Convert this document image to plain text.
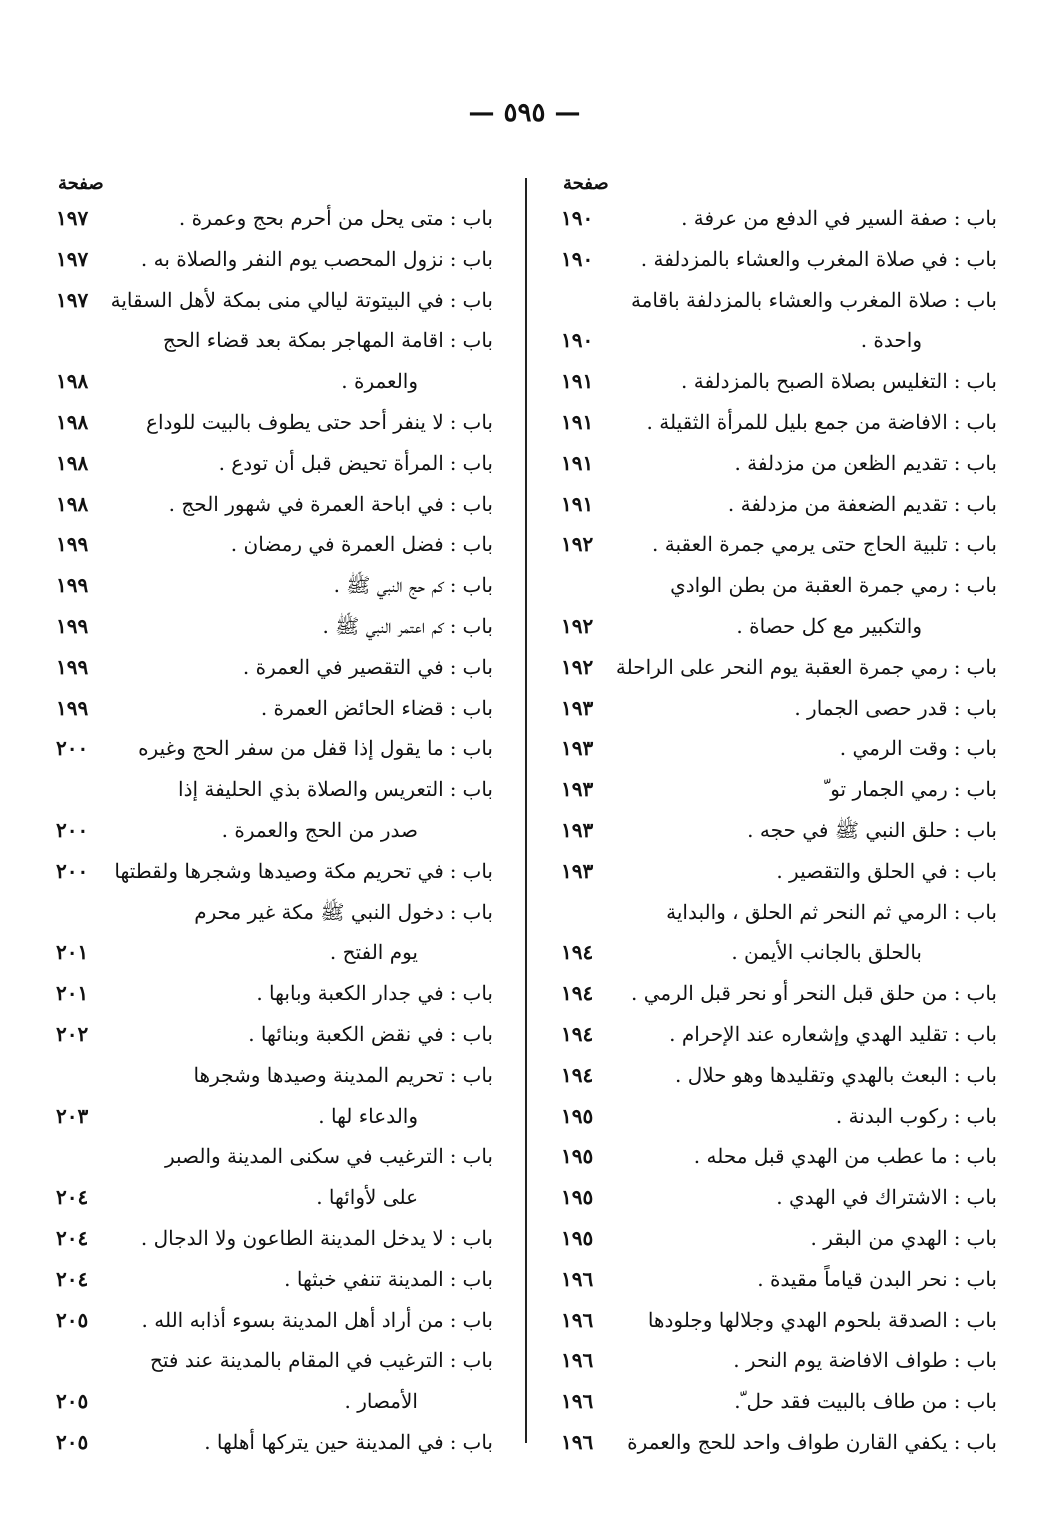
— ٥٩٥ —
صفحة
باب:صفة السير في الدفع من عرفة .
١٩٠
باب:في صلاة المغرب والعشاء بالمزدلفة .
١٩٠
باب:صلاة المغرب والعشاء بالمزدلفة باقامة
واحدة .
١٩٠
باب:التغليس بصلاة الصبح بالمزدلفة .
١٩١
باب:الافاضة من جمع بليل للمرأة الثقيلة .
١٩١
باب:تقديم الظعن من مزدلفة .
١٩١
باب:تقديم الضعفة من مزدلفة .
١٩١
باب:تلبية الحاج حتى يرمي جمرة العقبة .
١٩٢
باب:رمي جمرة العقبة من بطن الوادي
والتكبير مع كل حصاة .
١٩٢
باب:رمي جمرة العقبة يوم النحر على الراحلة
١٩٢
باب:قدر حصى الجمار .
١٩٣
باب:وقت الرمي .
١٩٣
باب:رمي الجمار تو ّ
١٩٣
باب:حلق النبي ﷺ في حجه .
١٩٣
باب:في الحلق والتقصير .
١٩٣
باب:الرمي ثم النحر ثم الحلق ، والبداية
بالحلق بالجانب الأيمن .
١٩٤
باب:من حلق قبل النحر أو نحر قبل الرمي .
١٩٤
باب:تقليد الهدي وإشعاره عند الإحرام .
١٩٤
باب:البعث بالهدي وتقليدها وهو حلال .
١٩٤
باب:ركوب البدنة .
١٩٥
باب:ما عطب من الهدي قبل محله .
١٩٥
باب:الاشتراك في الهدي .
١٩٥
باب:الهدي من البقر .
١٩٥
باب:نحر البدن قياماً مقيدة .
١٩٦
باب:الصدقة بلحوم الهدي وجلالها وجلودها
١٩٦
باب:طواف الافاضة يوم النحر .
١٩٦
باب:من طاف بالبيت فقد حل ّ.
١٩٦
باب:يكفي القارن طواف واحد للحج والعمرة
١٩٦
صفحة
باب:متى يحل من أحرم بحج وعمرة .
١٩٧
باب:نزول المحصب يوم النفر والصلاة به .
١٩٧
باب:في البيتوتة ليالي منى بمكة لأهل السقاية
١٩٧
باب:اقامة المهاجر بمكة بعد قضاء الحج
والعمرة .
١٩٨
باب:لا ينفر أحد حتى يطوف بالبيت للوداع
١٩٨
باب:المرأة تحيض قبل أن تودع .
١٩٨
باب:في اباحة العمرة في شهور الحج .
١٩٨
باب:فضل العمرة في رمضان .
١٩٩
باب:كم حج النبي ﷺ .
١٩٩
باب:كم اعتمر النبي ﷺ .
١٩٩
باب:في التقصير في العمرة .
١٩٩
باب:قضاء الحائض العمرة .
١٩٩
باب:ما يقول إذا قفل من سفر الحج وغيره
٢٠٠
باب:التعريس والصلاة بذي الحليفة إذا
صدر من الحج والعمرة .
٢٠٠
باب:في تحريم مكة وصيدها وشجرها ولقطتها
٢٠٠
باب:دخول النبي ﷺ مكة غير محرم
يوم الفتح .
٢٠١
باب:في جدار الكعبة وبابها .
٢٠١
باب:في نقض الكعبة وبنائها .
٢٠٢
باب:تحريم المدينة وصيدها وشجرها
والدعاء لها .
٢٠٣
باب:الترغيب في سكنى المدينة والصبر
على لأوائها .
٢٠٤
باب:لا يدخل المدينة الطاعون ولا الدجال .
٢٠٤
باب:المدينة تنفي خبثها .
٢٠٤
باب:من أراد أهل المدينة بسوء أذابه الله .
٢٠٥
باب:الترغيب في المقام بالمدينة عند فتح
الأمصار .
٢٠٥
باب:في المدينة حين يتركها أهلها .
٢٠٥
